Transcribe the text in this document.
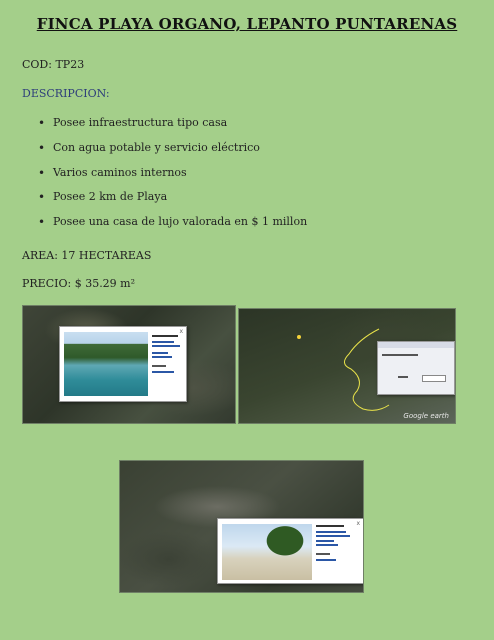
FINCA PLAYA ORGANO, LEPANTO PUNTARENAS
COD: TP23
DESCRIPCION:
• Posee infraestructura tipo casa
• Con agua potable y servicio eléctrico
• Varios caminos internos
• Posee 2 km de Playa
• Posee una casa de lujo valorada en $ 1 millon
AREA: 17 HECTAREAS
PRECIO: $ 35.29 m²
x
Google earth
x
